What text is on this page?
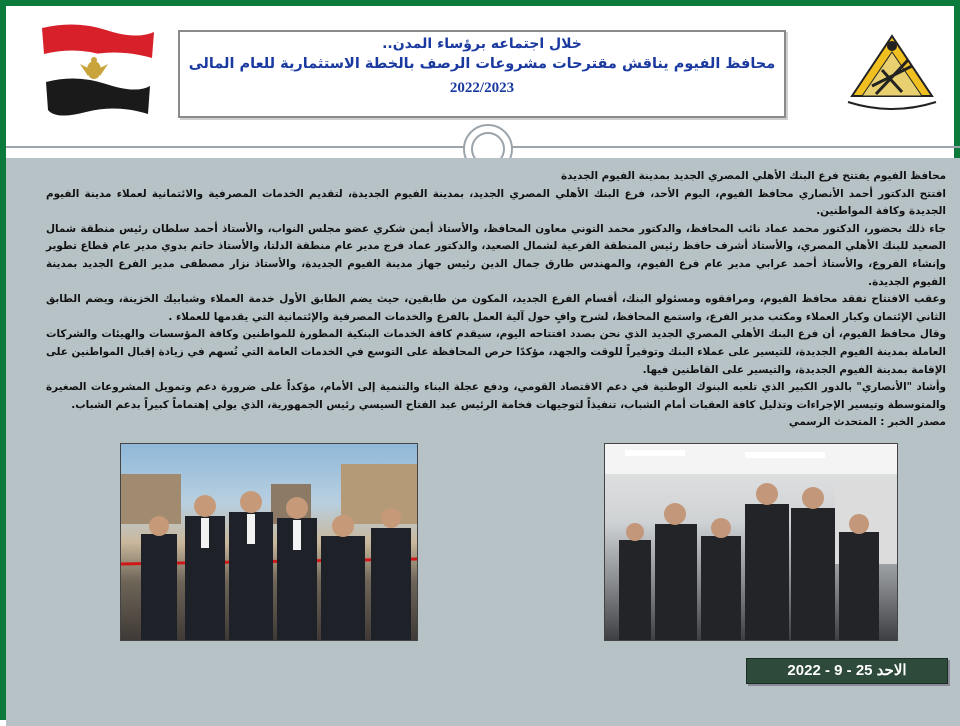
خلال اجتماعه برؤساء المدن..
محافظ الفيوم يناقش مقترحات مشروعات الرصف بالخطة الاستثمارية للعام المالى
2022/2023

محافظ الفيوم يفتتح فرع البنك الأهلي المصري الجديد بمدينة الفيوم الجديدة

افتتح الدكتور أحمد الأنصاري محافظ الفيوم، اليوم الأحد، فرع البنك الأهلي المصري الجديد، بمدينة الفيوم الجديدة، لتقديم الخدمات المصرفية والائتمانية لعملاء مدينة الفيوم الجديدة وكافة المواطنين.

جاء ذلك بحضور، الدكتور محمد عماد نائب المحافظ، والدكتور محمد التوني معاون المحافظ، والأستاذ أيمن شكري عضو مجلس النواب، والأستاذ أحمد سلطان رئيس منطقة شمال الصعيد للبنك الأهلي المصري، والأستاذ أشرف حافظ رئيس المنطقة الفرعية لشمال الصعيد، والدكتور عماد فرج مدير عام منطقة الدلتا، والأستاذ حاتم بدوي مدير عام قطاع تطوير وإنشاء الفروع، والأستاذ أحمد عرابي مدير عام فرع الفيوم، والمهندس طارق جمال الدين رئيس جهاز مدينة الفيوم الجديدة، والأستاذ نزار مصطفى مدير الفرع الجديد بمدينة الفيوم الجديدة.

وعقب الافتتاح تفقد محافظ الفيوم، ومرافقوه ومسئولو البنك، أقسام الفرع الجديد، المكون من طابقين، حيث يضم الطابق الأول خدمة العملاء وشبابيك الخزينة، ويضم الطابق الثاني الإئتمان وكبار العملاء ومكتب مدير الفرع، واستمع المحافظ، لشرح وافٍ حول آلية العمل بالفرع والخدمات المصرفية والإئتمانية التي يقدمها للعملاء .

وقال محافظ الفيوم، أن فرع البنك الأهلي المصري الجديد الذي نحن بصدد افتتاحه اليوم، سيقدم كافة الخدمات البنكية المطورة للمواطنين وكافة المؤسسات والهيئات والشركات العاملة بمدينة الفيوم الجديدة، للتيسير على عملاء البنك وتوفيراً للوقت والجهد، مؤكدًا حرص المحافظة على التوسع في الخدمات العامة التي تُسهم في زيادة إقبال المواطنين على الإقامة بمدينة الفيوم الجديدة، والتيسير على القاطنين فيها.

وأشاد "الأنصاري" بالدور الكبير الذي تلعبه البنوك الوطنية في دعم الاقتصاد القومي، ودفع عجلة البناء والتنمية إلى الأمام، مؤكداً على ضرورة دعم وتمويل المشروعات الصغيرة والمتوسطة وتيسير الإجراءات وتذليل كافة العقبات أمام الشباب، تنفيذاً لتوجيهات فخامة الرئيس عبد الفتاح السيسي رئيس الجمهورية، الذي يولي إهتماماً كبيراً بدعم الشباب.

مصدر الخبر : المتحدث الرسمي

الاحد 25 - 9 - 2022
